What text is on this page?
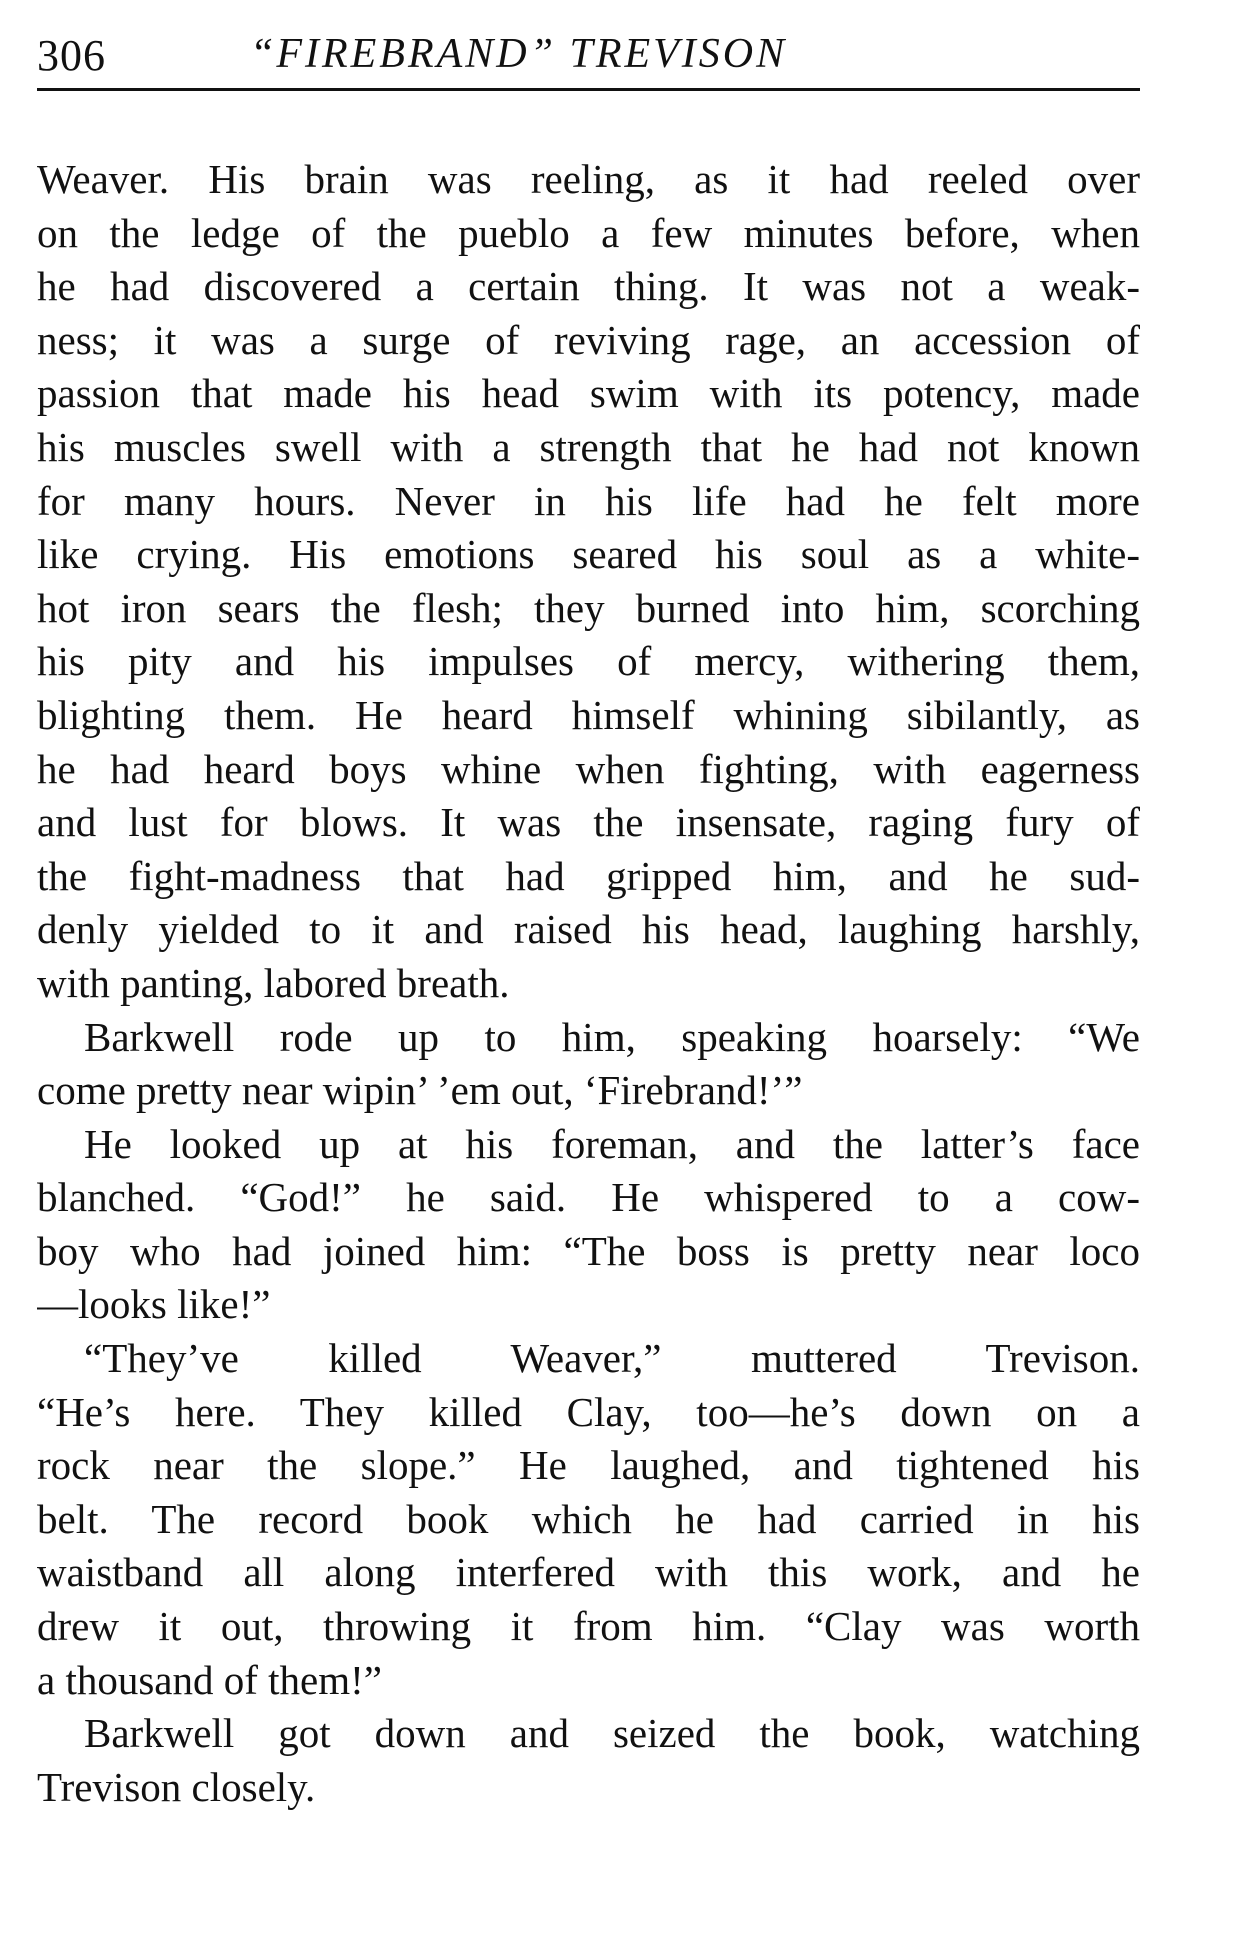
306	“FIREBRAND” TREVISON
Weaver. His brain was reeling, as it had reeled over
on the ledge of the pueblo a few minutes before, when
he had discovered a certain thing. It was not a weak-
ness; it was a surge of reviving rage, an accession of
passion that made his head swim with its potency, made
his muscles swell with a strength that he had not known
for many hours. Never in his life had he felt more
like crying. His emotions seared his soul as a white-
hot iron sears the flesh; they burned into him, scorching
his pity and his impulses of mercy, withering them,
blighting them. He heard himself whining sibilantly, as
he had heard boys whine when fighting, with eagerness
and lust for blows. It was the insensate, raging fury of
the fight-madness that had gripped him, and he sud-
denly yielded to it and raised his head, laughing harshly,
with panting, labored breath.
Barkwell rode up to him, speaking hoarsely: “We
come pretty near wipin’ ’em out, ‘Firebrand!’”
He looked up at his foreman, and the latter’s face
blanched. “God!” he said. He whispered to a cow-
boy who had joined him: “The boss is pretty near loco
—looks like!”
“They’ve killed Weaver,” muttered Trevison.
“He’s here. They killed Clay, too—he’s down on a
rock near the slope.” He laughed, and tightened his
belt. The record book which he had carried in his
waistband all along interfered with this work, and he
drew it out, throwing it from him. “Clay was worth
a thousand of them!”
Barkwell got down and seized the book, watching
Trevison closely.
